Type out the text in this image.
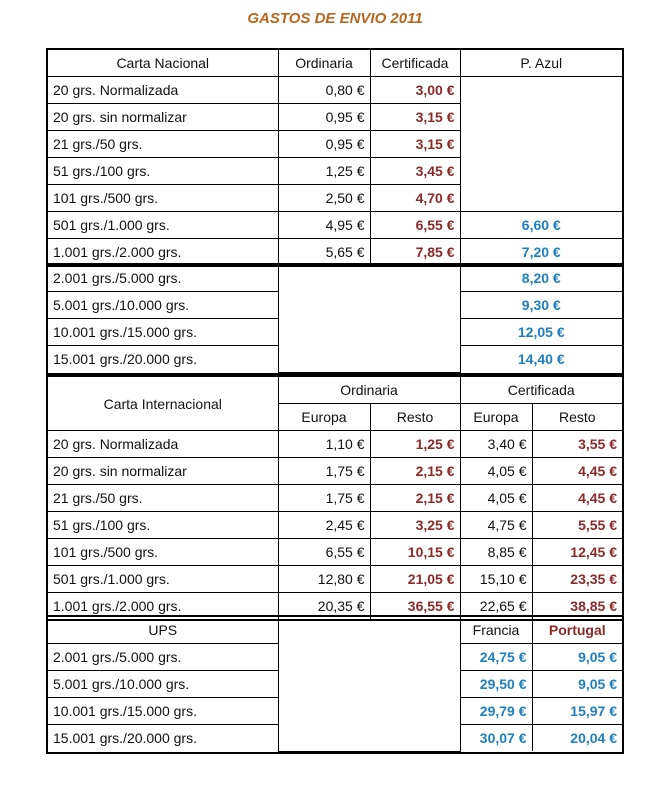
GASTOS DE ENVIO 2011
Carta Nacional	Ordinaria	Certificada	P. Azul
20 grs. Normalizada	0,80 €	3,00 €	
20 grs. sin normalizar	0,95 €	3,15 €	
21 grs./50 grs.	0,95 €	3,15 €	
51 grs./100 grs.	1,25 €	3,45 €	
101 grs./500 grs.	2,50 €	4,70 €	
501 grs./1.000 grs.	4,95 €	6,55 €	6,60 €
1.001 grs./2.000 grs.	5,65 €	7,85 €	7,20 €
2.001 grs./5.000 grs.		8,20 €
5.001 grs./10.000 grs.		9,30 €
10.001 grs./15.000 grs.		12,05 €
15.001 grs./20.000 grs.		14,40 €
Carta Internacional	Ordinaria		Certificada	
	Europa	Resto	Europa	Resto
20 grs. Normalizada	1,10 €	1,25 €	3,40 €	3,55 €
20 grs. sin normalizar	1,75 €	2,15 €	4,05 €	4,45 €
21 grs./50 grs.	1,75 €	2,15 €	4,05 €	4,45 €
51 grs./100 grs.	2,45 €	3,25 €	4,75 €	5,55 €
101 grs./500 grs.	6,55 €	10,15 €	8,85 €	12,45 €
501 grs./1.000 grs.	12,80 €	21,05 €	15,10 €	23,35 €
1.001 grs./2.000 grs.	20,35 €	36,55 €	22,65 €	38,85 €
UPS		Francia	Portugal
2.001 grs./5.000 grs.		24,75 €	9,05 €
5.001 grs./10.000 grs.		29,50 €	9,05 €
10.001 grs./15.000 grs.		29,79 €	15,97 €
15.001 grs./20.000 grs.		30,07 €	20,04 €
